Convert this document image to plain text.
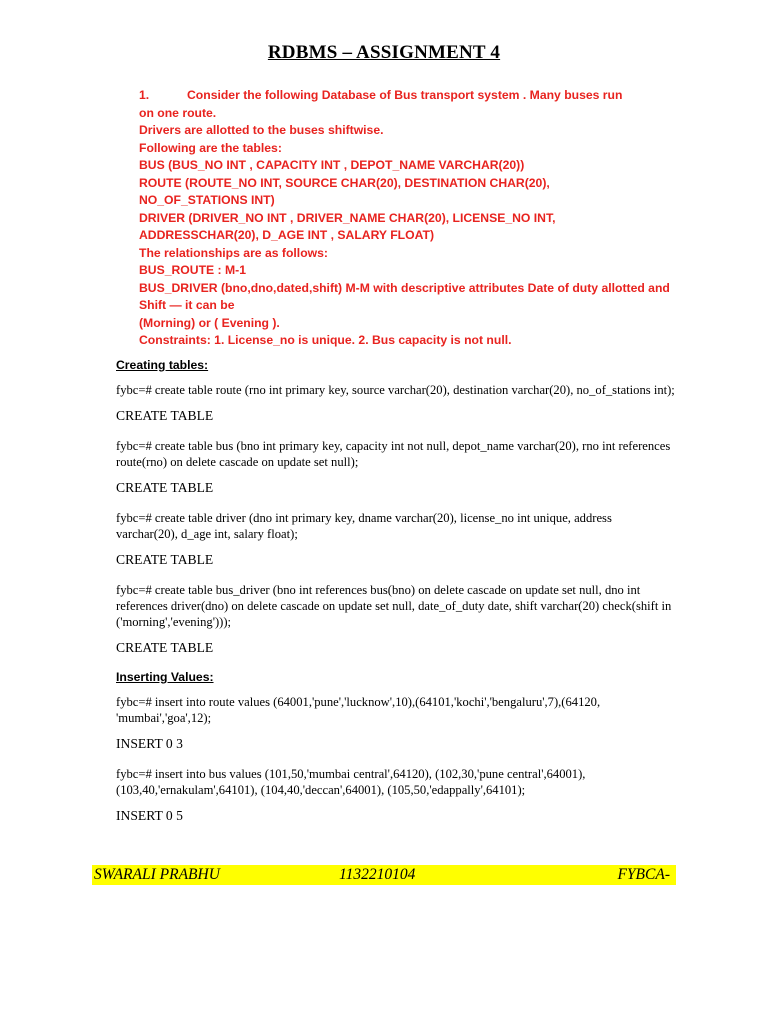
RDBMS – ASSIGNMENT 4
1.	Consider the following Database of Bus transport system . Many buses run
on one route.
Drivers are allotted to the buses shiftwise.
Following are the tables:
BUS (BUS_NO INT , CAPACITY INT , DEPOT_NAME VARCHAR(20))
ROUTE (ROUTE_NO INT, SOURCE CHAR(20), DESTINATION CHAR(20),
NO_OF_STATIONS INT)
DRIVER (DRIVER_NO INT , DRIVER_NAME CHAR(20), LICENSE_NO INT,
ADDRESSCHAR(20), D_AGE INT , SALARY FLOAT)
The relationships are as follows:
BUS_ROUTE : M-1
BUS_DRIVER (bno,dno,dated,shift) M-M with descriptive attributes Date of duty allotted and Shift — it can be
(Morning) or ( Evening ).
Constraints: 1. License_no is unique. 2. Bus capacity is not null.
Creating tables:
fybc=# create table route (rno int primary key, source varchar(20), destination varchar(20), no_of_stations int);
CREATE TABLE
fybc=# create table bus (bno int primary key, capacity int not null, depot_name varchar(20), rno int references route(rno) on delete cascade on update set null);
CREATE TABLE
fybc=# create table driver (dno int primary key, dname varchar(20), license_no int unique, address varchar(20), d_age int, salary float);
CREATE TABLE
fybc=# create table bus_driver (bno int references bus(bno) on delete cascade on update set null, dno int references driver(dno) on delete cascade on update set null, date_of_duty date, shift varchar(20) check(shift in ('morning','evening')));
CREATE TABLE
Inserting Values:
fybc=# insert into route values (64001,'pune','lucknow',10),(64101,'kochi','bengaluru',7),(64120, 'mumbai','goa',12);
INSERT 0 3
fybc=# insert into bus values (101,50,'mumbai central',64120), (102,30,'pune central',64001), (103,40,'ernakulam',64101), (104,40,'deccan',64001), (105,50,'edappally',64101);
INSERT 0 5
SWARALI PRABHU	1132210104	FYBCA-
